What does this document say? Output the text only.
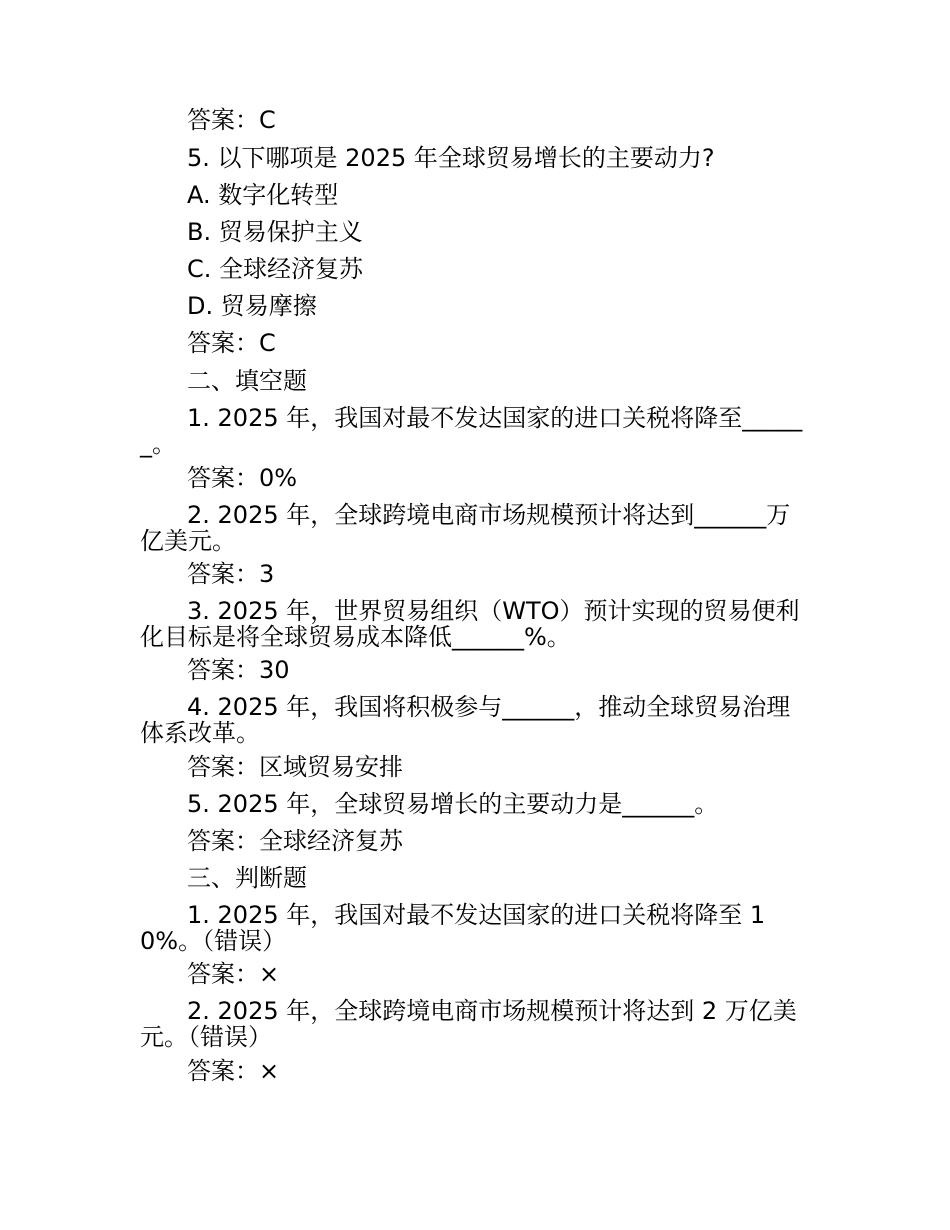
答案：C
5. 以下哪项是 2025 年全球贸易增长的主要动力?
A. 数字化转型
B. 贸易保护主义
C. 全球经济复苏
D. 贸易摩擦
答案：C
二、填空题
1. 2025 年，我国对最不发达国家的进口关税将降至______。
答案：0%
2. 2025 年，全球跨境电商市场规模预计将达到______万亿美元。
答案：3
3. 2025 年，世界贸易组织（WTO）预计实现的贸易便利化目标是将全球贸易成本降低______%。
答案：30
4. 2025 年，我国将积极参与______，推动全球贸易治理体系改革。
答案：区域贸易安排
5. 2025 年，全球贸易增长的主要动力是______。
答案：全球经济复苏
三、判断题
1. 2025 年，我国对最不发达国家的进口关税将降至 10%。（错误）
答案：×
2. 2025 年，全球跨境电商市场规模预计将达到 2 万亿美元。（错误）
答案：×
